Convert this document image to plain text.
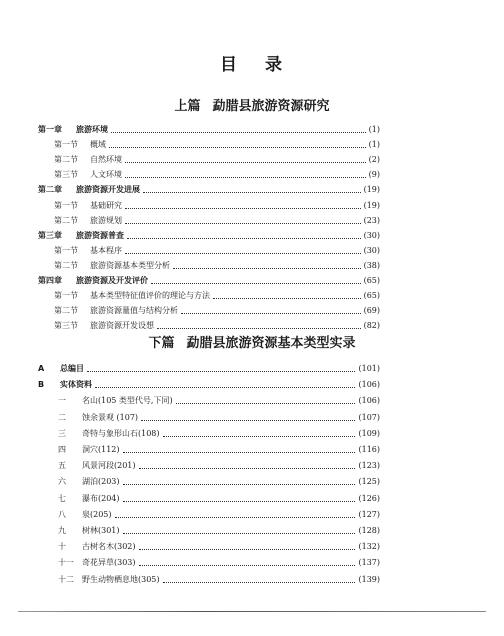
目 录
上篇 勐腊县旅游资源研究
第一章 旅游环境	(1)
第一节 概域	(1)
第二节 自然环境	(2)
第三节 人文环境	(9)
第二章 旅游资源开发进展	(19)
第一节 基础研究	(19)
第二节 旅游规划	(23)
第三章 旅游资源普查	(30)
第一节 基本程序	(30)
第二节 旅游资源基本类型分析	(38)
第四章 旅游资源及开发评价	(65)
第一节 基本类型特征值评价的理论与方法	(65)
第二节 旅游资源量值与结构分析	(69)
第三节 旅游资源开发设想	(82)
下篇 勐腊县旅游资源基本类型实录
A 总编目	(101)
B 实体资料	(106)
一 名山(105 类型代号,下同)	(106)
二 蚀余景观 (107)	(107)
三 奇特与象形山石(108)	(109)
四 洞穴(112)	(116)
五 风景河段(201)	(123)
六 湖泊(203)	(125)
七 瀑布(204)	(126)
八 泉(205)	(127)
九 树林(301)	(128)
十 古树名木(302)	(132)
十一 奇花异草(303)	(137)
十二 野生动物栖息地(305)	(139)
